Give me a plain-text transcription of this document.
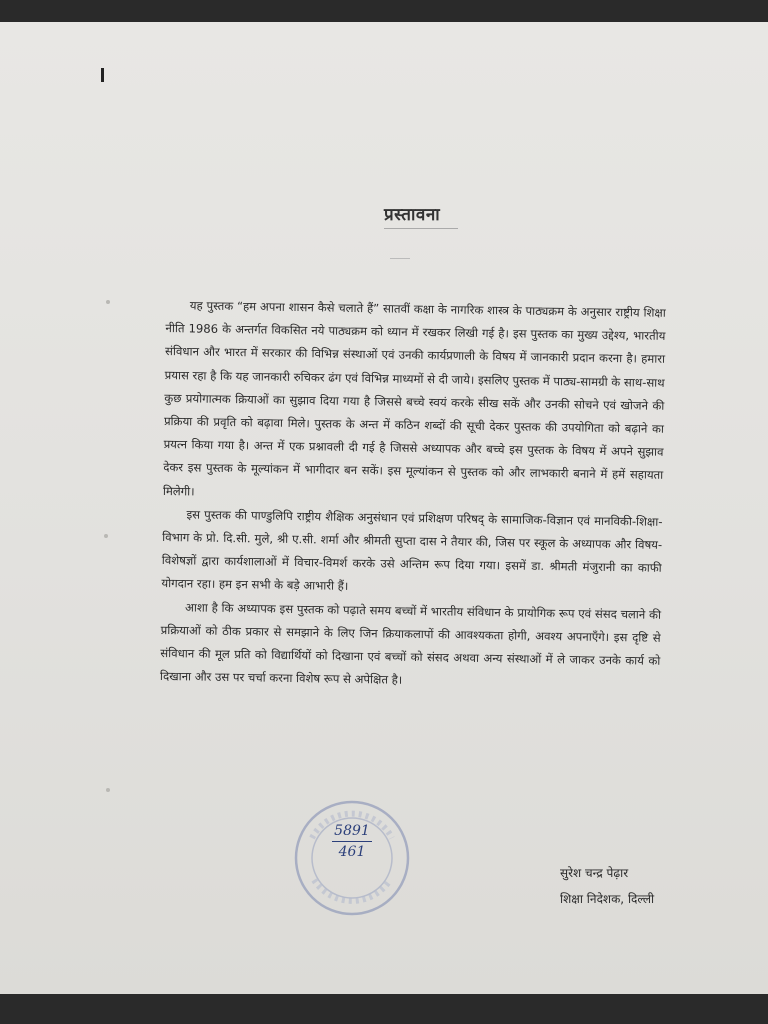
प्रस्तावना

यह पुस्तक “हम अपना शासन कैसे चलाते हैं” सातवीं कक्षा के नागरिक शास्त्र के पाठ्यक्रम के अनुसार राष्ट्रीय शिक्षा नीति 1986 के अन्तर्गत विकसित नये पाठ्यक्रम को ध्यान में रखकर लिखी गई है। इस पुस्तक का मुख्य उद्देश्य, भारतीय संविधान और भारत में सरकार की विभिन्न संस्थाओं एवं उनकी कार्यप्रणाली के विषय में जानकारी प्रदान करना है। हमारा प्रयास रहा है कि यह जानकारी रुचिकर ढंग एवं विभिन्न माध्यमों से दी जाये। इसलिए पुस्तक में पाठ्य-सामग्री के साथ-साथ कुछ प्रयोगात्मक क्रियाओं का सुझाव दिया गया है जिससे बच्चे स्वयं करके सीख सकें और उनकी सोचने एवं खोजने की प्रक्रिया की प्रवृति को बढ़ावा मिले। पुस्तक के अन्त में कठिन शब्दों की सूची देकर पुस्तक की उपयोगिता को बढ़ाने का प्रयत्न किया गया है। अन्त में एक प्रश्नावली दी गई है जिससे अध्यापक और बच्चे इस पुस्तक के विषय में अपने सुझाव देकर इस पुस्तक के मूल्यांकन में भागीदार बन सकें। इस मूल्यांकन से पुस्तक को और लाभकारी बनाने में हमें सहायता मिलेगी।

इस पुस्तक की पाण्डुलिपि राष्ट्रीय शैक्षिक अनुसंधान एवं प्रशिक्षण परिषद् के सामाजिक-विज्ञान एवं मानविकी-शिक्षा-विभाग के प्रो. दि.सी. मुले, श्री ए.सी. शर्मा और श्रीमती सुप्ता दास ने तैयार की, जिस पर स्कूल के अध्यापक और विषय-विशेषज्ञों द्वारा कार्यशालाओं में विचार-विमर्श करके उसे अन्तिम रूप दिया गया। इसमें डा. श्रीमती मंजुरानी का काफी योगदान रहा। हम इन सभी के बड़े आभारी हैं।

आशा है कि अध्यापक इस पुस्तक को पढ़ाते समय बच्चों में भारतीय संविधान के प्रायोगिक रूप एवं संसद चलाने की प्रक्रियाओं को ठीक प्रकार से समझाने के लिए जिन क्रियाकलापों की आवश्यकता होगी, अवश्य अपनाएँगे। इस दृष्टि से संविधान की मूल प्रति को विद्यार्थियों को दिखाना एवं बच्चों को संसद अथवा अन्य संस्थाओं में ले जाकर उनके कार्य को दिखाना और उस पर चर्चा करना विशेष रूप से अपेक्षित है।

5891
461
सुरेश चन्द्र पेढ़ार
शिक्षा निदेशक, दिल्ली
